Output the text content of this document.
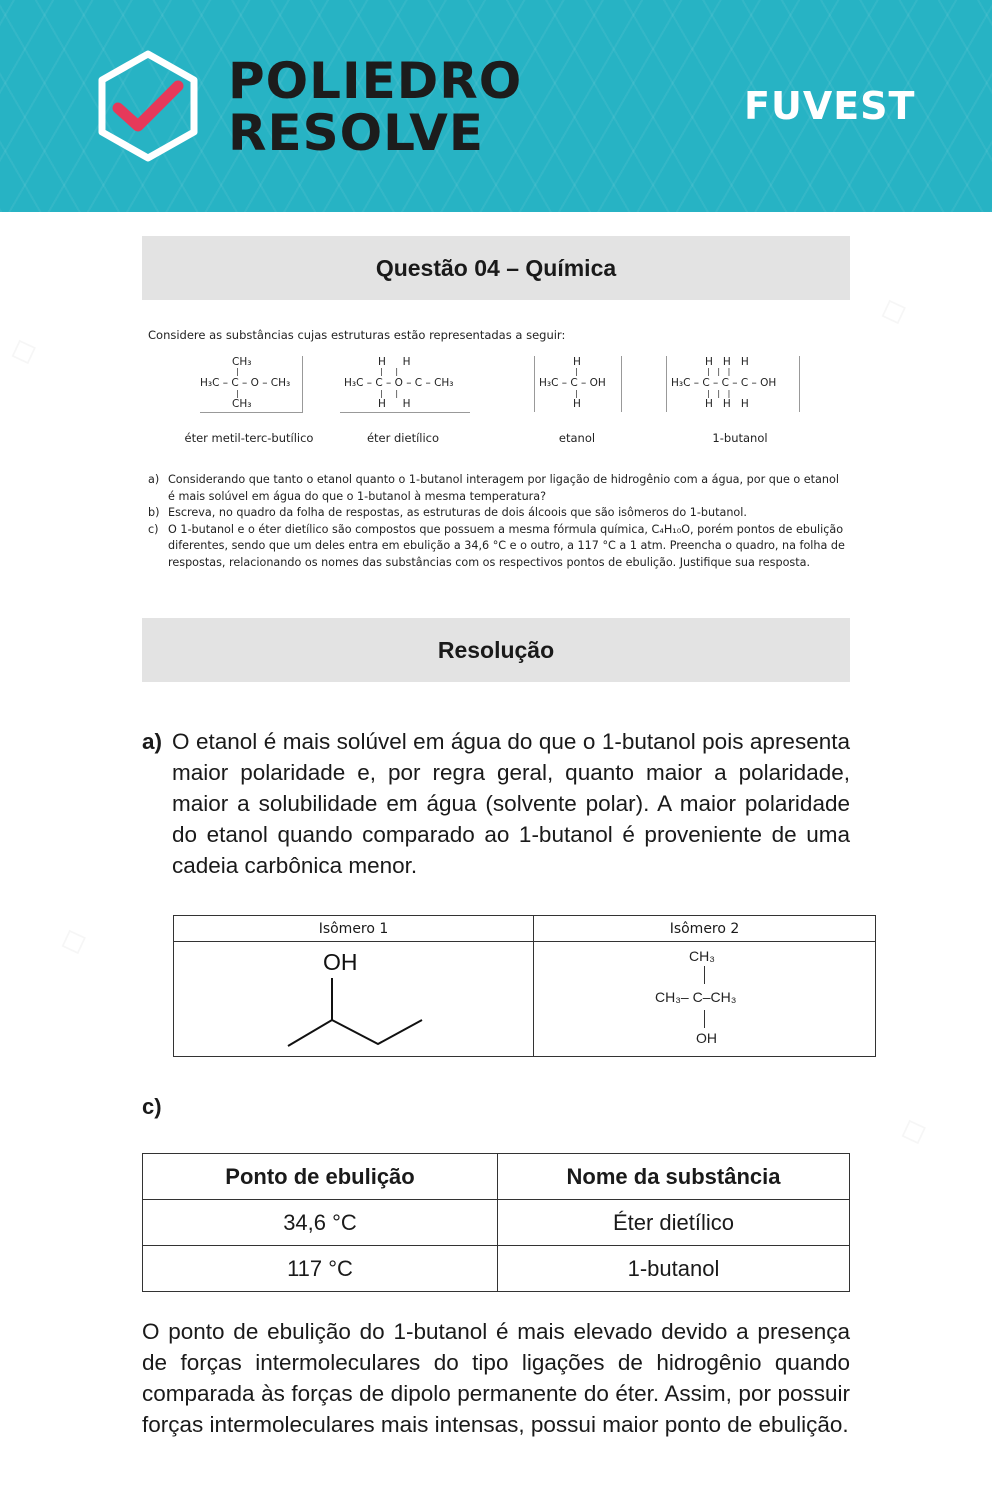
POLIEDRO
RESOLVE	FUVEST
Questão 04 – Química
Considere as substâncias cujas estruturas estão representadas a seguir:
CH₃
|
H₃C – C – O – CH₃
|
CH₃
éter metil-terc-butílico
H     H
|     |
H₃C – C – O – C – CH₃
|     |
H     H
éter dietílico
H
|
H₃C – C – OH
|
H
etanol
H   H   H
|   |   |
H₃C – C – C – C – OH
|   |   |
H   H   H
1-butanol
a) Considerando que tanto o etanol quanto o 1-butanol interagem por ligação de hidrogênio com a água, por que o etanol é mais solúvel em água do que o 1-butanol à mesma temperatura?
b) Escreva, no quadro da folha de respostas, as estruturas de dois álcoois que são isômeros do 1-butanol.
c) O 1-butanol e o éter dietílico são compostos que possuem a mesma fórmula química, C₄H₁₀O, porém pontos de ebulição diferentes, sendo que um deles entra em ebulição a 34,6 °C e o outro, a 117 °C a 1 atm. Preencha o quadro, na folha de respostas, relacionando os nomes das substâncias com os respectivos pontos de ebulição. Justifique sua resposta.
Resolução
a) O etanol é mais solúvel em água do que o 1-butanol pois apresenta maior polaridade e, por regra geral, quanto maior a polaridade, maior a solubilidade em água (solvente polar). A maior polaridade do etanol quando comparado ao 1-butanol é proveniente de uma cadeia carbônica menor.
Isômero 1	Isômero 2

OH	CH₃
CH₃– C–CH₃
OH
c)
Ponto de ebulição	Nome da substância
34,6 °C	Éter dietílico
117 °C	1-butanol
O ponto de ebulição do 1-butanol é mais elevado devido a presença de forças intermoleculares do tipo ligações de hidrogênio quando comparada às forças de dipolo permanente do éter. Assim, por possuir forças intermoleculares mais intensas, possui maior ponto de ebulição.
